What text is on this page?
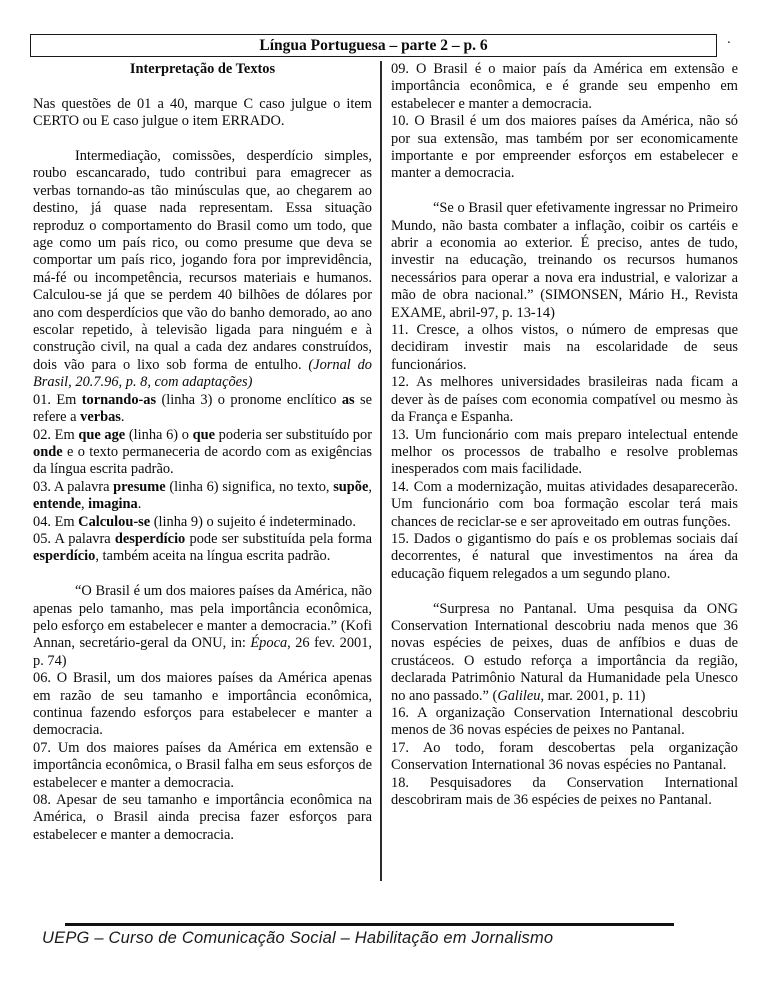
Língua Portuguesa – parte 2 – p. 6	.
Interpretação de Textos
Nas questões de 01 a 40, marque C caso julgue o item CERTO ou E caso julgue o item ERRADO.
Intermediação, comissões, desperdício simples, roubo escancarado, tudo contribui para emagrecer as verbas tornando-as tão minúsculas que, ao chegarem ao destino, já quase nada representam. Essa situação reproduz o comportamento do Brasil como um todo, que age como um país rico, ou como presume que deva se comportar um país rico, jogando fora por imprevidência, má-fé ou incompetência, recursos materiais e humanos. Calculou-se já que se perdem 40 bilhões de dólares por ano com desperdícios que vão do banho demorado, ao ano escolar repetido, à televisão ligada para ninguém e à construção civil, na qual a cada dez andares construídos, dois vão para o lixo sob forma de entulho. (Jornal do Brasil, 20.7.96, p. 8, com adaptações)
01. Em tornando-as (linha 3) o pronome enclítico as se refere a verbas.
02. Em que age (linha 6) o que poderia ser substituído por onde e o texto permaneceria de acordo com as exigências da língua escrita padrão.
03. A palavra presume (linha 6) significa, no texto, supõe, entende, imagina.
04. Em Calculou-se (linha 9) o sujeito é indeterminado.
05. A palavra desperdício pode ser substituída pela forma esperdício, também aceita na língua escrita padrão.
“O Brasil é um dos maiores países da América, não apenas pelo tamanho, mas pela importância econômica, pelo esforço em estabelecer e manter a democracia.” (Kofi Annan, secretário-geral da ONU, in: Época, 26 fev. 2001, p. 74)
06. O Brasil, um dos maiores países da América apenas em razão de seu tamanho e importância econômica, continua fazendo esforços para estabelecer e manter a democracia.
07. Um dos maiores países da América em extensão e importância econômica, o Brasil falha em seus esforços de estabelecer e manter a democracia.
08. Apesar de seu tamanho e importância econômica na América, o Brasil ainda precisa fazer esforços para estabelecer e manter a democracia.
09. O Brasil é o maior país da América em extensão e importância econômica, e é grande seu empenho em estabelecer e manter a democracia.
10. O Brasil é um dos maiores países da América, não só por sua extensão, mas também por ser economicamente importante e por empreender esforços em estabelecer e manter a democracia.
“Se o Brasil quer efetivamente ingressar no Primeiro Mundo, não basta combater a inflação, coibir os cartéis e abrir a economia ao exterior. É preciso, antes de tudo, investir na educação, treinando os recursos humanos necessários para operar a nova era industrial, e valorizar a mão de obra nacional.” (SIMONSEN, Mário H., Revista EXAME, abril-97, p. 13-14)
11. Cresce, a olhos vistos, o número de empresas que decidiram investir mais na escolaridade de seus funcionários.
12. As melhores universidades brasileiras nada ficam a dever às de países com economia compatível ou mesmo às da França e Espanha.
13. Um funcionário com mais preparo intelectual entende melhor os processos de trabalho e resolve problemas inesperados com mais facilidade.
14. Com a modernização, muitas atividades desaparecerão. Um funcionário com boa formação escolar terá mais chances de reciclar-se e ser aproveitado em outras funções.
15. Dados o gigantismo do país e os problemas sociais daí decorrentes, é natural que investimentos na área da educação fiquem relegados a um segundo plano.
“Surpresa no Pantanal. Uma pesquisa da ONG Conservation International descobriu nada menos que 36 novas espécies de peixes, duas de anfíbios e duas de crustáceos. O estudo reforça a importância da região, declarada Patrimônio Natural da Humanidade pela Unesco no ano passado.” (Galileu, mar. 2001, p. 11)
16. A organização Conservation International descobriu menos de 36 novas espécies de peixes no Pantanal.
17. Ao todo, foram descobertas pela organização Conservation International 36 novas espécies no Pantanal.
18. Pesquisadores da Conservation International descobriram mais de 36 espécies de peixes no Pantanal.
UEPG – Curso de Comunicação Social – Habilitação em Jornalismo
